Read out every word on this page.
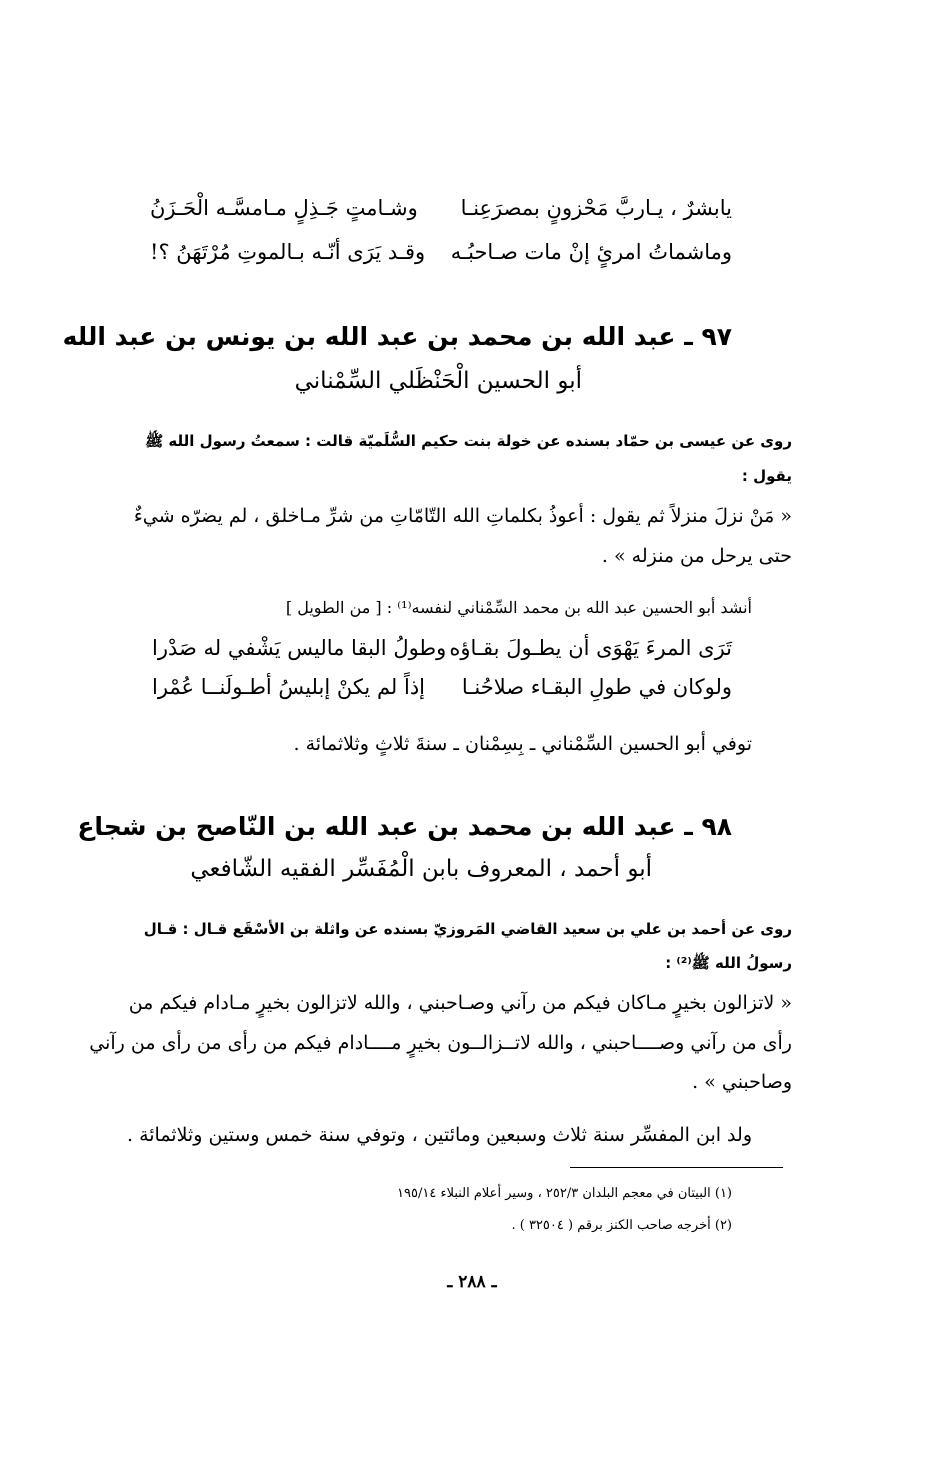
يابشرٌ ، يـاربَّ مَحْزونٍ بمصرَعِنـا
وشـامتٍ جَـذِلٍ مـامسَّـه الْحَـزَنُ
وماشماتُ امرئٍ إنْ مات صـاحبُـه
وقـد يَرَى أنّـه بـالموتِ مُرْتَهَنُ ؟!
٩٧ ـ عبد الله بن محمد بن عبد الله بن يونس بن عبد الله
أبو الحسين الْحَنْظَلي السِّمْناني
روى عن عيسى بن حمّاد بسنده عن خولة بنت حكيم السُّلَميّة قالت : سمعتُ رسول الله ﷺ
يقول :
« مَنْ نزلَ منزلاً ثم يقول : أعوذُ بكلماتِ الله التّامّاتِ من شرِّ مـاخلق ، لم يضرّه شيءٌ
حتى يرحل من منزله » .
أنشد أبو الحسين عبد الله بن محمد السِّمْناني لنفسه⁽¹⁾ : [ من الطويل ]
تَرَى المرءَ يَهْوَى أن يطـولَ بقـاؤه
وطولُ البقا ماليس يَشْفي له صَدْرا
ولوكان في طولِ البقـاء صلاحُنـا
إذاً لم يكنْ إبليسُ أطـولَنــا عُمْرا
توفي أبو الحسين السِّمْناني ـ بِسِمْنان ـ سنةَ ثلاثٍ وثلاثمائة .
٩٨ ـ عبد الله بن محمد بن عبد الله بن النّاصح بن شجاع
أبو أحمد ، المعروف بابن الْمُفَسِّر الفقيه الشّافعي
روى عن أحمد بن علي بن سعيد القاضي المَروزيّ بسنده عن واثلة بن الأسْقَع قـال : قـال
رسولُ الله ﷺ⁽²⁾ :
« لاتزالون بخيرٍ مـاكان فيكم من رآني وصـاحبني ، والله لاتزالون بخيرٍ مـادام فيكم من
رأى من رآني وصــــاحبني ، والله لاتــزالــون بخيرٍ مــــادام فيكم من رأى من رأى من رآني
وصاحبني » .
ولد ابن المفسِّر سنة ثلاث وسبعين ومائتين ، وتوفي سنة خمس وستين وثلاثمائة .
(١) البيتان في معجم البلدان ٢٥٢/٣ ، وسير أعلام النبلاء ١٩٥/١٤
(٢) أخرجه صاحب الكنز برقم ( ٣٢٥٠٤ ) .
ـ ٢٨٨ ـ
